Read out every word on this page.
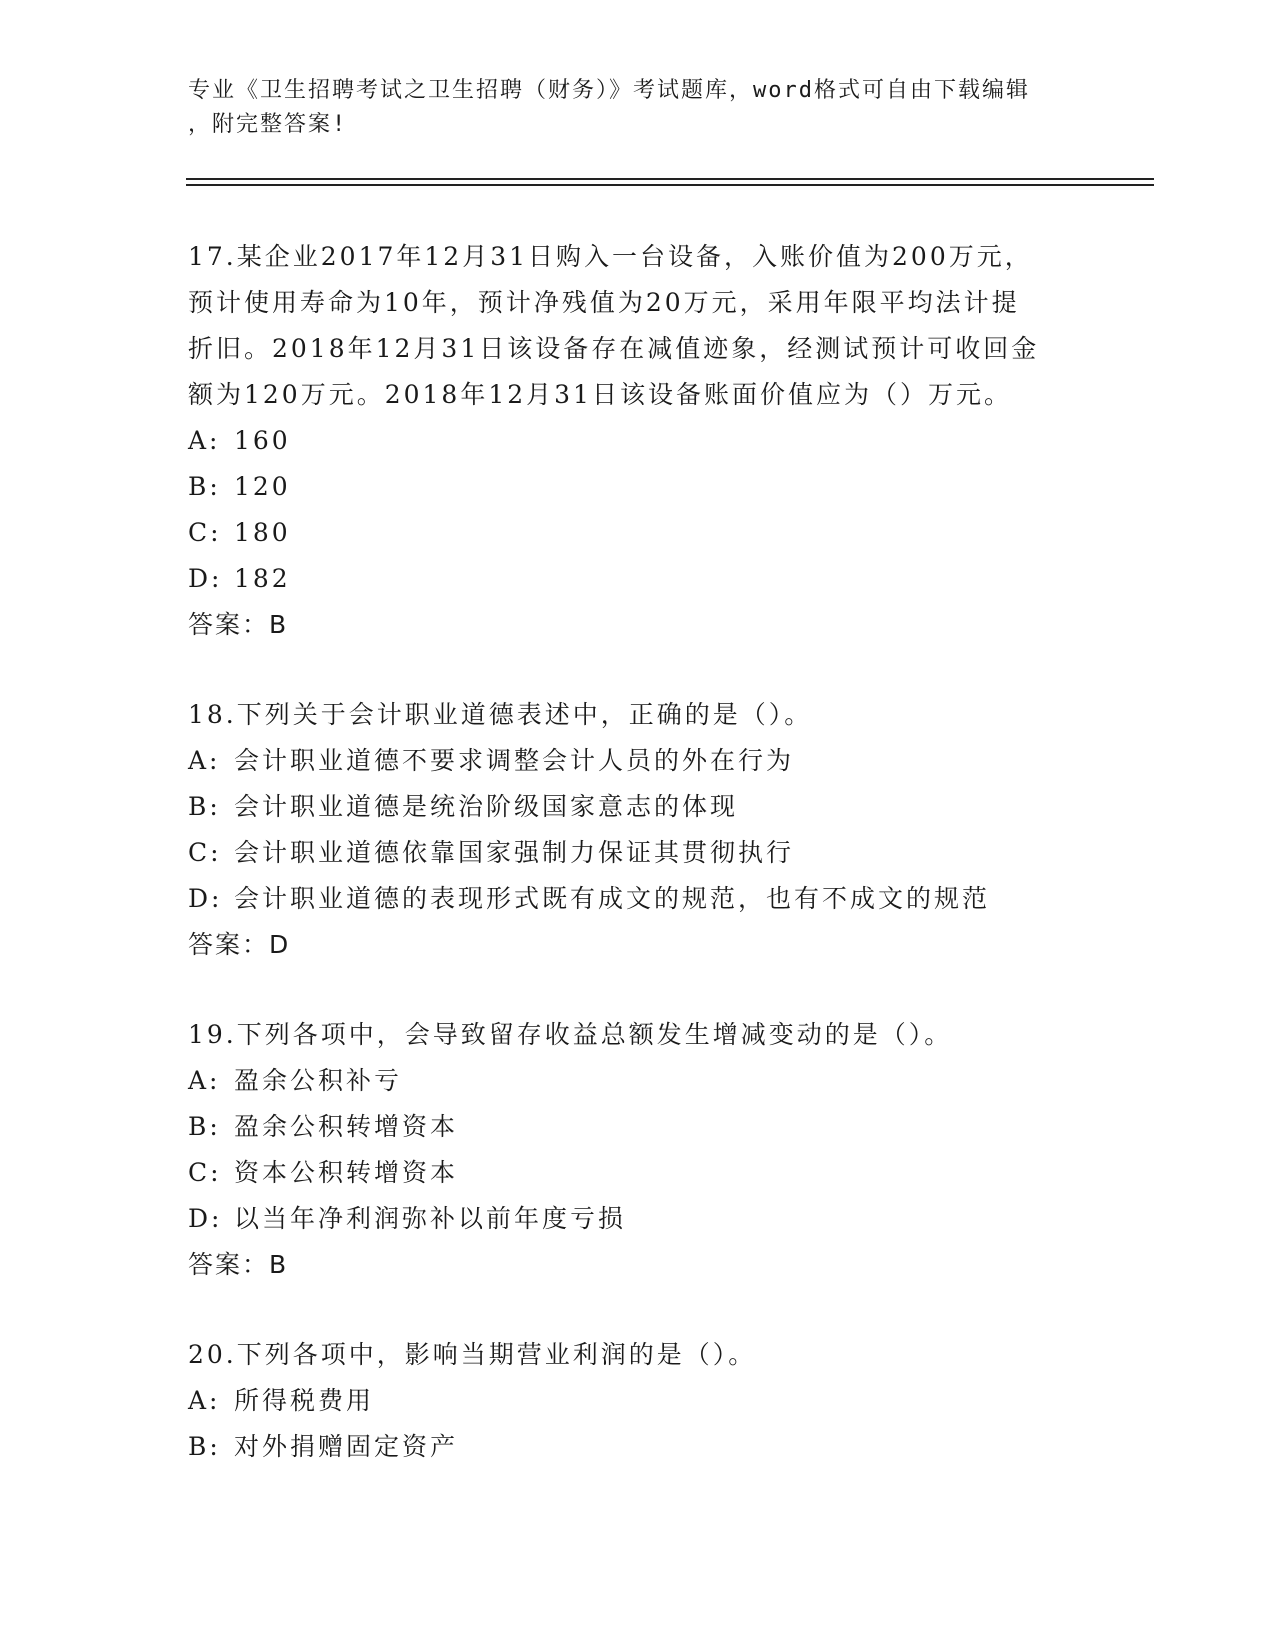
专业《卫生招聘考试之卫生招聘（财务）》考试题库，word格式可自由下载编辑
，附完整答案!
17.某企业2017年12月31日购入一台设备，入账价值为200万元，
预计使用寿命为10年，预计净残值为20万元，采用年限平均法计提
折旧。2018年12月31日该设备存在减值迹象，经测试预计可收回金
额为120万元。2018年12月31日该设备账面价值应为（）万元。
A: 160
B: 120
C: 180
D: 182
答案：B
18.下列关于会计职业道德表述中，正确的是（）。
A: 会计职业道德不要求调整会计人员的外在行为
B: 会计职业道德是统治阶级国家意志的体现
C: 会计职业道德依靠国家强制力保证其贯彻执行
D: 会计职业道德的表现形式既有成文的规范，也有不成文的规范
答案：D
19.下列各项中，会导致留存收益总额发生增减变动的是（）。
A: 盈余公积补亏
B: 盈余公积转增资本
C: 资本公积转增资本
D: 以当年净利润弥补以前年度亏损
答案：B
20.下列各项中，影响当期营业利润的是（）。
A: 所得税费用
B: 对外捐赠固定资产
